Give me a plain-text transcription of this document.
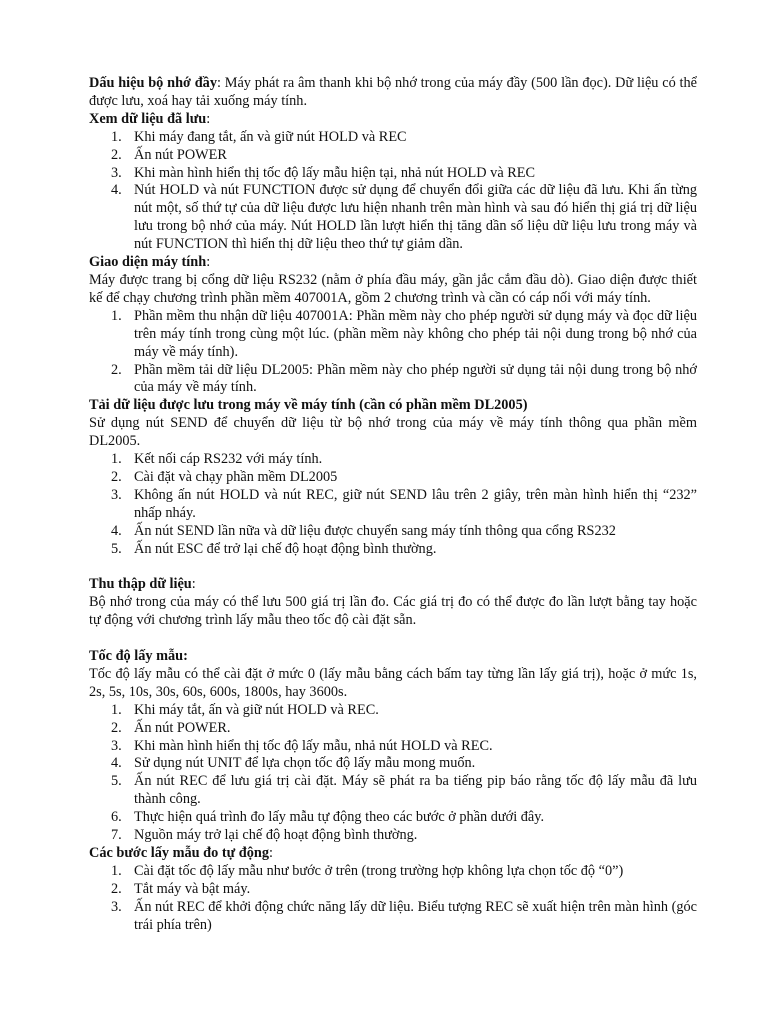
Dấu hiệu bộ nhớ đầy: Máy phát ra âm thanh khi bộ nhớ trong của máy đầy (500 lần đọc). Dữ liệu có thể được lưu, xoá hay tải xuống máy tính.

Xem dữ liệu đã lưu:

1. Khi máy đang tắt, ấn và giữ nút HOLD và REC
2. Ấn nút POWER
3. Khi màn hình hiển thị tốc độ lấy mẫu hiện tại, nhả nút HOLD và REC
4. Nút HOLD và nút FUNCTION được sử dụng để chuyển đổi giữa các dữ liệu đã lưu. Khi ấn từng nút một, số thứ tự của dữ liệu được lưu hiện nhanh trên màn hình và sau đó hiển thị giá trị dữ liệu lưu trong bộ nhớ của máy. Nút HOLD lần lượt hiển thị tăng dần số liệu dữ liệu lưu trong máy và nút FUNCTION thì hiển thị dữ liệu theo thứ tự giảm dần.

Giao diện máy tính:

Máy được trang bị cổng dữ liệu RS232 (nằm ở phía đầu máy, gần jắc cắm đầu dò). Giao diện được thiết kế để chạy chương trình phần mềm 407001A, gồm 2 chương trình và cần có cáp nối với máy tính.

1. Phần mềm thu nhận dữ liệu 407001A: Phần mềm này cho phép người sử dụng máy và đọc dữ liệu trên máy tính trong cùng một lúc. (phần mềm này không cho phép tải nội dung trong bộ nhớ của máy về máy tính).
2. Phần mềm tải dữ liệu DL2005: Phần mềm này cho phép người sử dụng tải nội dung trong bộ nhớ của máy về máy tính.

Tải dữ liệu được lưu trong máy về máy tính (cần có phần mềm DL2005)

Sử dụng nút SEND để chuyển dữ liệu từ bộ nhớ trong của máy về máy tính thông qua phần mềm DL2005.

1. Kết nối cáp RS232 với máy tính.
2. Cài đặt và chạy phần mềm DL2005
3. Không ấn nút HOLD và nút REC, giữ nút SEND lâu trên 2 giây, trên màn hình hiển thị “232” nhấp nháy.
4. Ấn nút SEND lần nữa và dữ liệu được chuyển sang máy tính thông qua cổng RS232
5. Ấn nút ESC để trở lại chế độ hoạt động bình thường.

Thu thập dữ liệu:

Bộ nhớ trong của máy có thể lưu 500 giá trị lần đo. Các giá trị đo có thể được đo lần lượt bằng tay hoặc tự động với chương trình lấy mẫu theo tốc độ cài đặt sẵn.

Tốc độ lấy mẫu:

Tốc độ lấy mẫu có thể cài đặt ở mức 0 (lấy mẫu bằng cách bấm tay từng lần lấy giá trị), hoặc ở mức 1s, 2s, 5s, 10s, 30s, 60s, 600s, 1800s, hay 3600s.

1. Khi máy tắt, ấn và giữ nút HOLD và REC.
2. Ấn nút POWER.
3. Khi màn hình hiển thị tốc độ lấy mẫu, nhả nút HOLD và REC.
4. Sử dụng nút UNIT để lựa chọn tốc độ lấy mẫu mong muốn.
5. Ấn nút REC để lưu giá trị cài đặt. Máy sẽ phát ra ba tiếng pip báo rằng tốc độ lấy mẫu đã lưu thành công.
6. Thực hiện quá trình đo lấy mẫu tự động theo các bước ở phần dưới đây.
7. Nguồn máy trở lại chế độ hoạt động bình thường.

Các bước lấy mẫu đo tự động:

1. Cài đặt tốc độ lấy mẫu như bước ở trên (trong trường hợp không lựa chọn tốc độ “0”)
2. Tắt máy và bật máy.
3. Ấn nút REC để khởi động chức năng lấy dữ liệu. Biểu tượng REC sẽ xuất hiện trên màn hình (góc trái phía trên)
